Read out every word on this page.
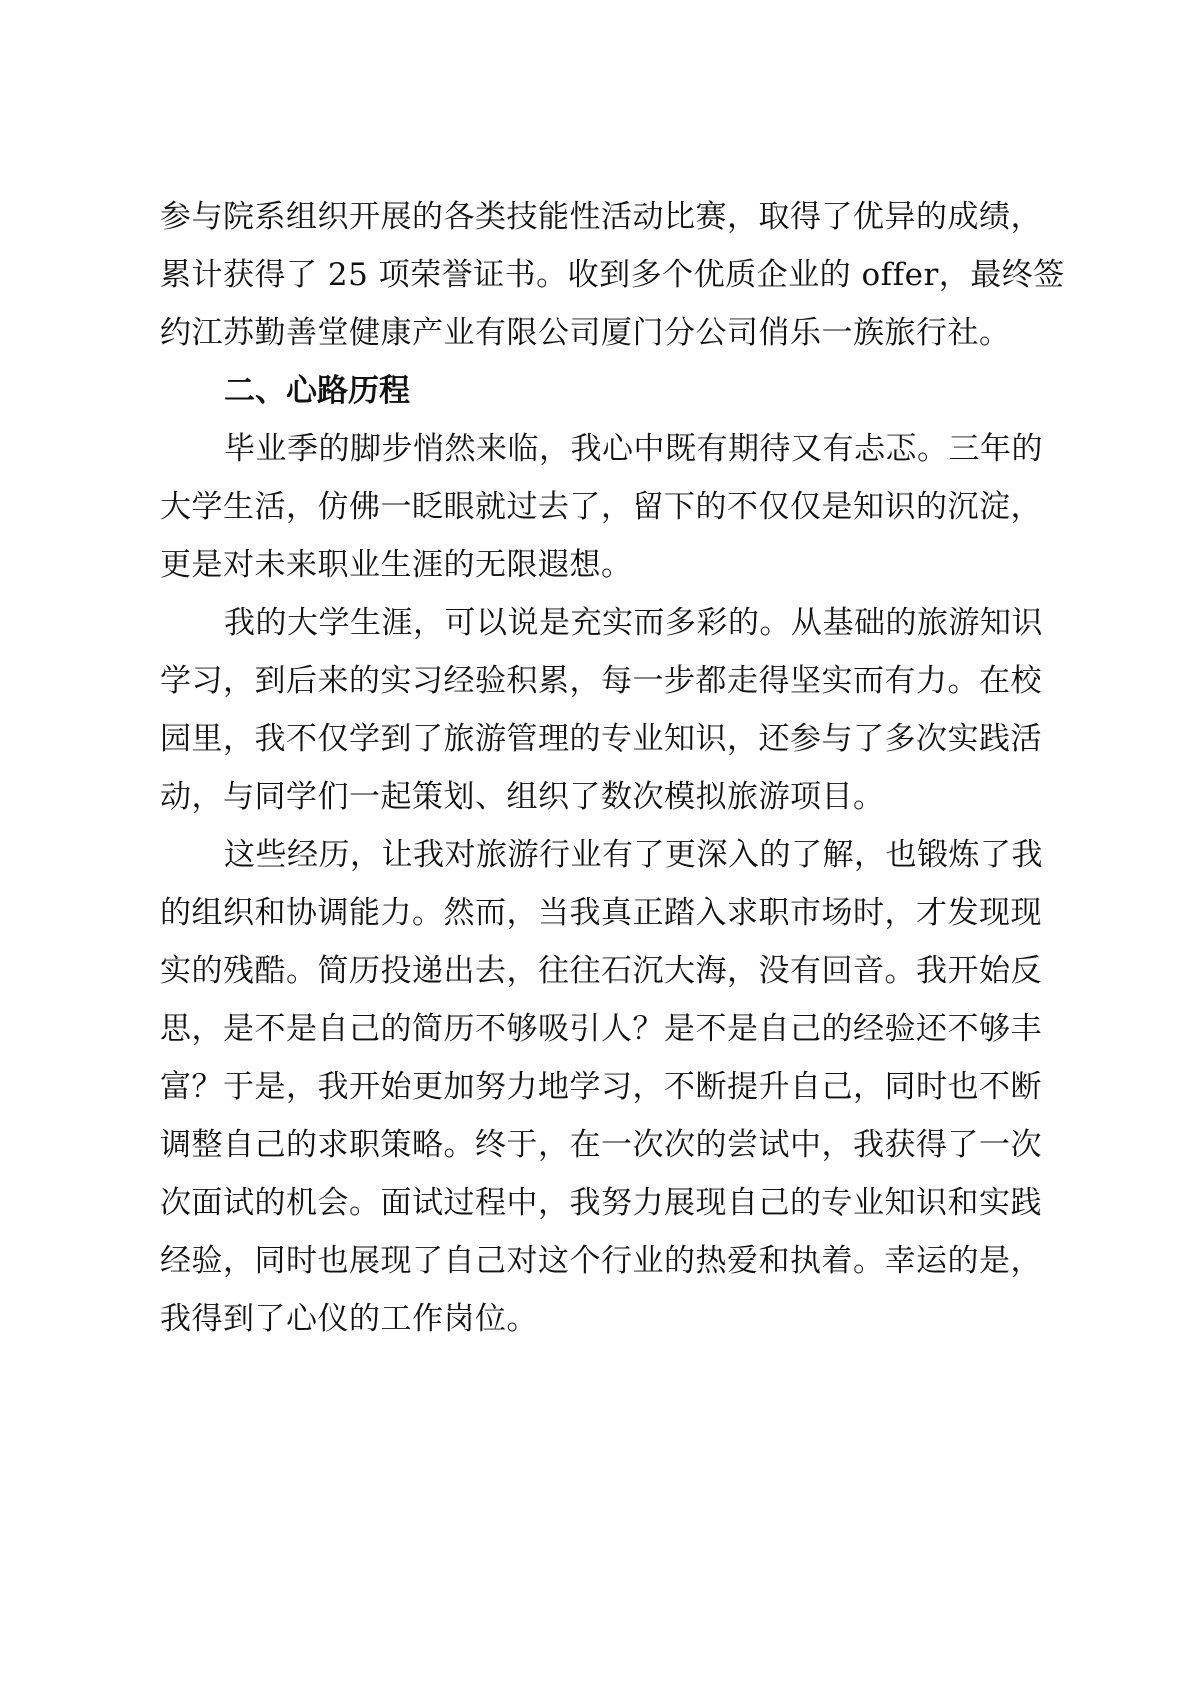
参与院系组织开展的各类技能性活动比赛，取得了优异的成绩，
累计获得了 25 项荣誉证书。收到多个优质企业的 offer，最终签
约江苏勤善堂健康产业有限公司厦门分公司俏乐一族旅行社。
二、心路历程
毕业季的脚步悄然来临，我心中既有期待又有忐忑。三年的
大学生活，仿佛一眨眼就过去了，留下的不仅仅是知识的沉淀，
更是对未来职业生涯的无限遐想。
我的大学生涯，可以说是充实而多彩的。从基础的旅游知识
学习，到后来的实习经验积累，每一步都走得坚实而有力。在校
园里，我不仅学到了旅游管理的专业知识，还参与了多次实践活
动，与同学们一起策划、组织了数次模拟旅游项目。
这些经历，让我对旅游行业有了更深入的了解，也锻炼了我
的组织和协调能力。然而，当我真正踏入求职市场时，才发现现
实的残酷。简历投递出去，往往石沉大海，没有回音。我开始反
思，是不是自己的简历不够吸引人？是不是自己的经验还不够丰
富？于是，我开始更加努力地学习，不断提升自己，同时也不断
调整自己的求职策略。终于，在一次次的尝试中，我获得了一次
次面试的机会。面试过程中，我努力展现自己的专业知识和实践
经验，同时也展现了自己对这个行业的热爱和执着。幸运的是，
我得到了心仪的工作岗位。
